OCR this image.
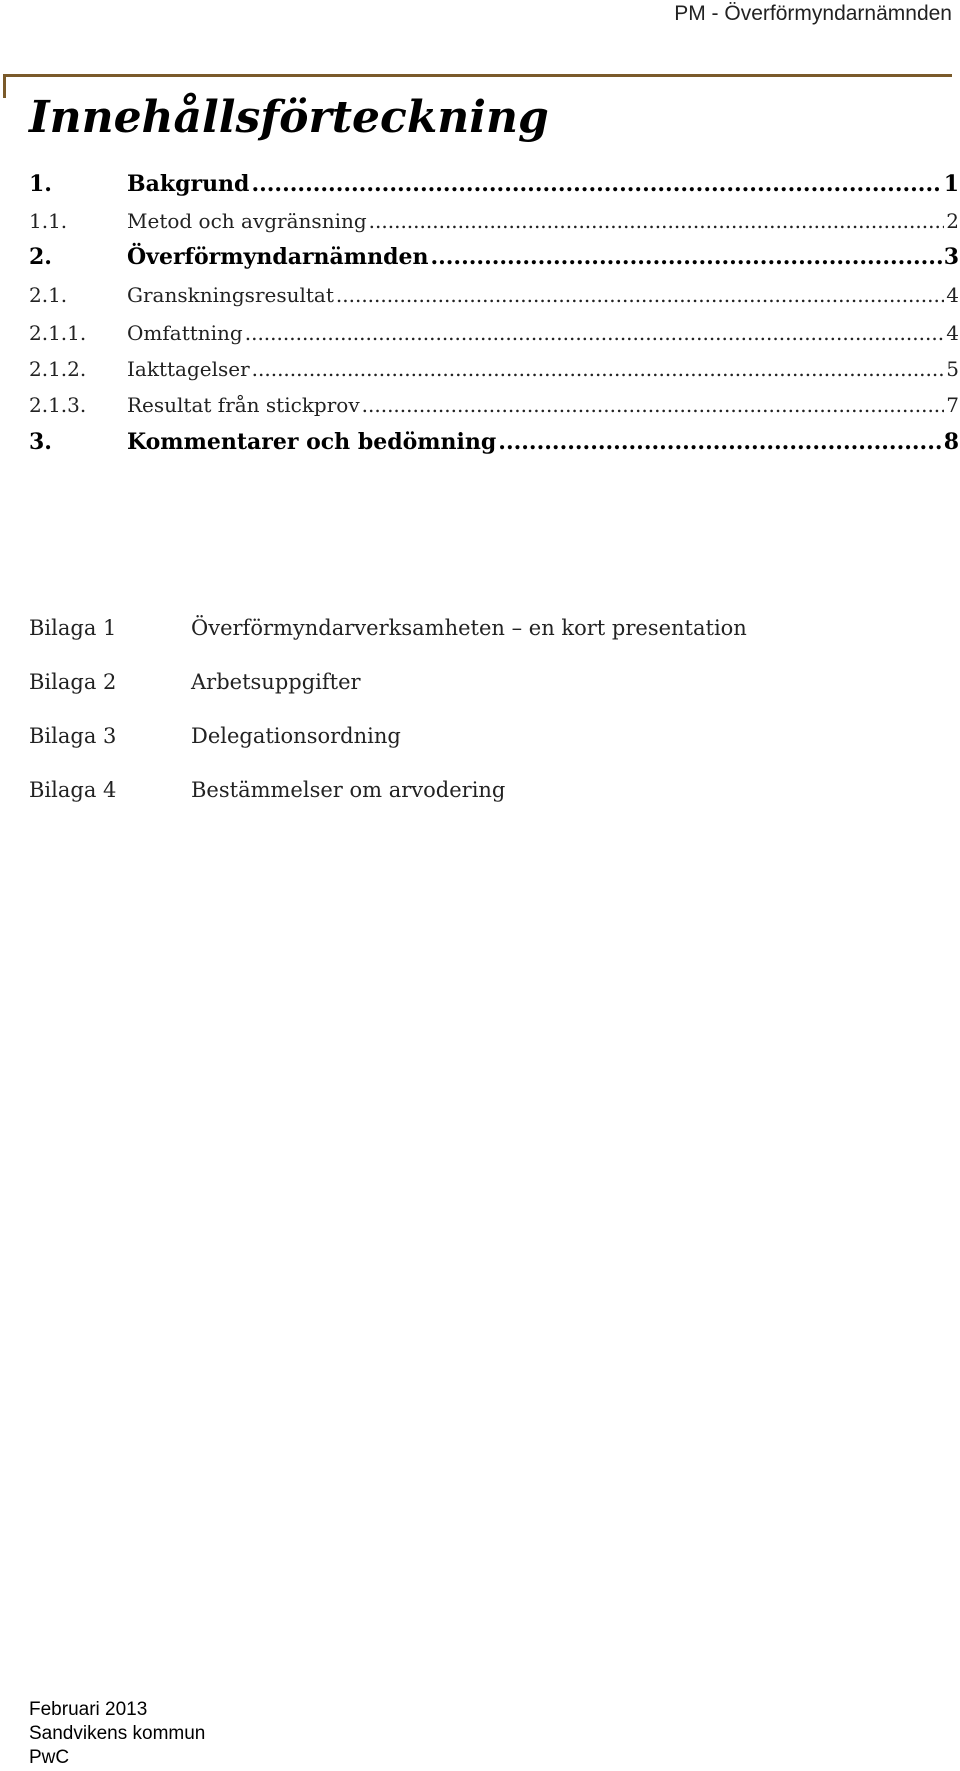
PM - Överförmyndarnämnden
Innehållsförteckning
1.	Bakgrund .....	1
1.1.	Metod och avgränsning .....	2
2.	Överförmyndarnämnden .....	3
2.1.	Granskningsresultat .....	4
2.1.1.	Omfattning .....	4
2.1.2.	Iakttagelser .....	5
2.1.3.	Resultat från stickprov .....	7
3.	Kommentarer och bedömning .....	8
Bilaga 1	Överförmyndarverksamheten – en kort presentation
Bilaga 2	Arbetsuppgifter
Bilaga 3	Delegationsordning
Bilaga 4	Bestämmelser om arvodering
Februari 2013
Sandvikens kommun
PwC
